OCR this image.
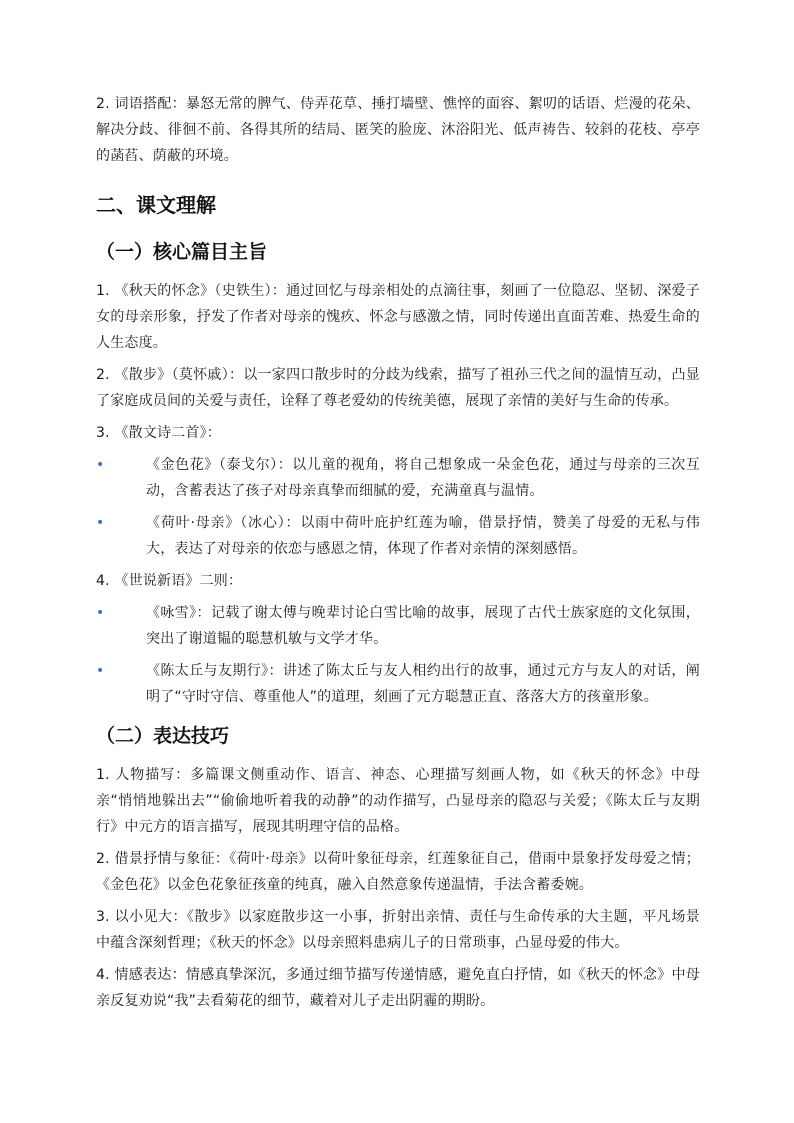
2. 词语搭配：暴怒无常的脾气、侍弄花草、捶打墙壁、憔悴的面容、絮叨的话语、烂漫的花朵、解决分歧、徘徊不前、各得其所的结局、匿笑的脸庞、沐浴阳光、低声祷告、较斜的花枝、亭亭的菡萏、荫蔽的环境。

二、课文理解
（一）核心篇目主旨

1. 《秋天的怀念》（史铁生）：通过回忆与母亲相处的点滴往事，刻画了一位隐忍、坚韧、深爱子女的母亲形象，抒发了作者对母亲的愧疚、怀念与感激之情，同时传递出直面苦难、热爱生命的人生态度。

2. 《散步》（莫怀戚）：以一家四口散步时的分歧为线索，描写了祖孙三代之间的温情互动，凸显了家庭成员间的关爱与责任，诠释了尊老爱幼的传统美德，展现了亲情的美好与生命的传承。

3. 《散文诗二首》：

•	《金色花》（泰戈尔）：以儿童的视角，将自己想象成一朵金色花，通过与母亲的三次互动，含蓄表达了孩子对母亲真挚而细腻的爱，充满童真与温情。

•	《荷叶·母亲》（冰心）：以雨中荷叶庇护红莲为喻，借景抒情，赞美了母爱的无私与伟大，表达了对母亲的依恋与感恩之情，体现了作者对亲情的深刻感悟。

4. 《世说新语》二则：

•	《咏雪》：记载了谢太傅与晚辈讨论白雪比喻的故事，展现了古代士族家庭的文化氛围，突出了谢道韫的聪慧机敏与文学才华。

•	《陈太丘与友期行》：讲述了陈太丘与友人相约出行的故事，通过元方与友人的对话，阐明了“守时守信、尊重他人”的道理，刻画了元方聪慧正直、落落大方的孩童形象。

（二）表达技巧

1. 人物描写：多篇课文侧重动作、语言、神态、心理描写刻画人物，如《秋天的怀念》中母亲“悄悄地躲出去”“偷偷地听着我的动静”的动作描写，凸显母亲的隐忍与关爱；《陈太丘与友期行》中元方的语言描写，展现其明理守信的品格。

2. 借景抒情与象征：《荷叶·母亲》以荷叶象征母亲，红莲象征自己，借雨中景象抒发母爱之情；《金色花》以金色花象征孩童的纯真，融入自然意象传递温情，手法含蓄委婉。

3. 以小见大：《散步》以家庭散步这一小事，折射出亲情、责任与生命传承的大主题，平凡场景中蕴含深刻哲理；《秋天的怀念》以母亲照料患病儿子的日常琐事，凸显母爱的伟大。

4. 情感表达：情感真挚深沉，多通过细节描写传递情感，避免直白抒情，如《秋天的怀念》中母亲反复劝说“我”去看菊花的细节，藏着对儿子走出阴霾的期盼。
